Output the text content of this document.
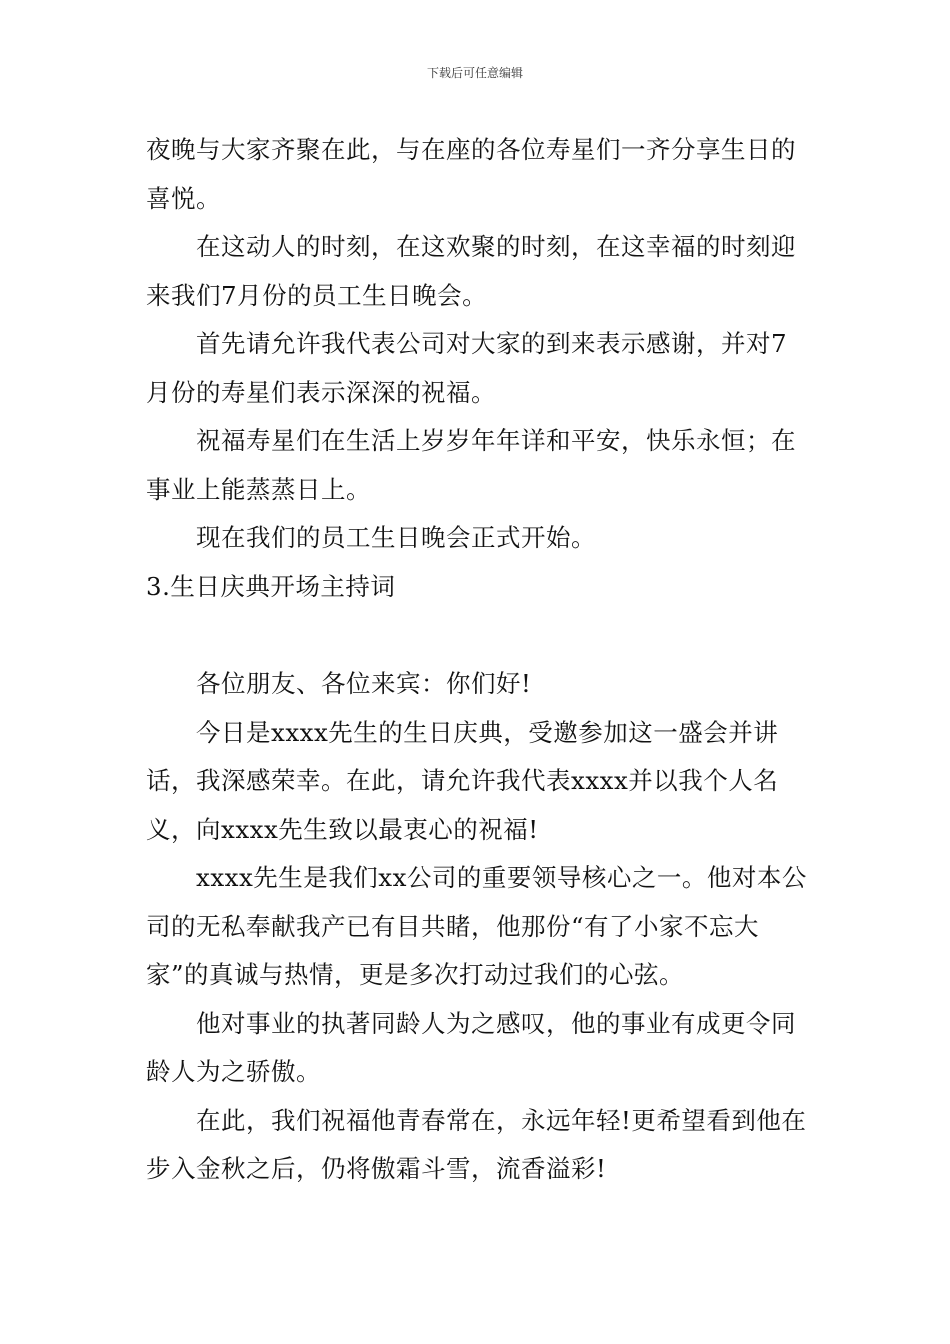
下载后可任意编辑

夜晚与大家齐聚在此，与在座的各位寿星们一齐分享生日的喜悦。

在这动人的时刻，在这欢聚的时刻，在这幸福的时刻迎来我们7月份的员工生日晚会。

首先请允许我代表公司对大家的到来表示感谢，并对7月份的寿星们表示深深的祝福。

祝福寿星们在生活上岁岁年年详和平安，快乐永恒；在事业上能蒸蒸日上。

现在我们的员工生日晚会正式开始。

3.生日庆典开场主持词

各位朋友、各位来宾：你们好!

今日是xxxx先生的生日庆典，受邀参加这一盛会并讲话，我深感荣幸。在此，请允许我代表xxxx并以我个人名义，向xxxx先生致以最衷心的祝福!

xxxx先生是我们xx公司的重要领导核心之一。他对本公司的无私奉献我产已有目共睹，他那份“有了小家不忘大家”的真诚与热情，更是多次打动过我们的心弦。

他对事业的执著同龄人为之感叹，他的事业有成更令同龄人为之骄傲。

在此，我们祝福他青春常在，永远年轻!更希望看到他在步入金秋之后，仍将傲霜斗雪，流香溢彩!
